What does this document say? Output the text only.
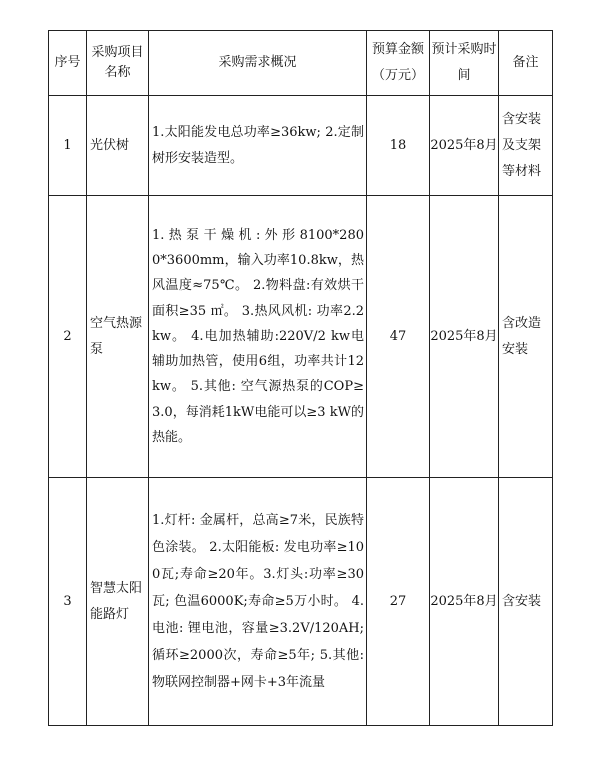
序号	采购项目名称	采购需求概况	预算金额（万元）	预计采购时间	备注
1	光伏树	1.太阳能发电总功率≥36kw; 2.定制树形安装造型。	18	2025年8月	含安装及支架等材料
2	空气热源泵	1. 热 泵 干 燥 机 : 外 形 8100*2800*3600mm，输入功率10.8kw，热风温度≈75℃。 2.物料盘:有效烘干面积≥35 ㎡。 3.热风风机: 功率2.2kw。 4.电加热辅助:220V/2 kw电辅助加热管，使用6组，功率共计12 kw。 5.其他: 空气源热泵的COP≥3.0，每消耗1kW电能可以≥3 kW的热能。	47	2025年8月	含改造安装
3	智慧太阳能路灯	1.灯杆: 金属杆，总高≥7米，民族特色涂装。 2.太阳能板: 发电功率≥100瓦;寿命≥20年。3.灯头:功率≥30瓦; 色温6000K;寿命≥5万小时。 4.电池: 锂电池，容量≥3.2V/120AH; 循环≥2000次，寿命≥5年; 5.其他: 物联网控制器+网卡+3年流量	27	2025年8月	含安装
